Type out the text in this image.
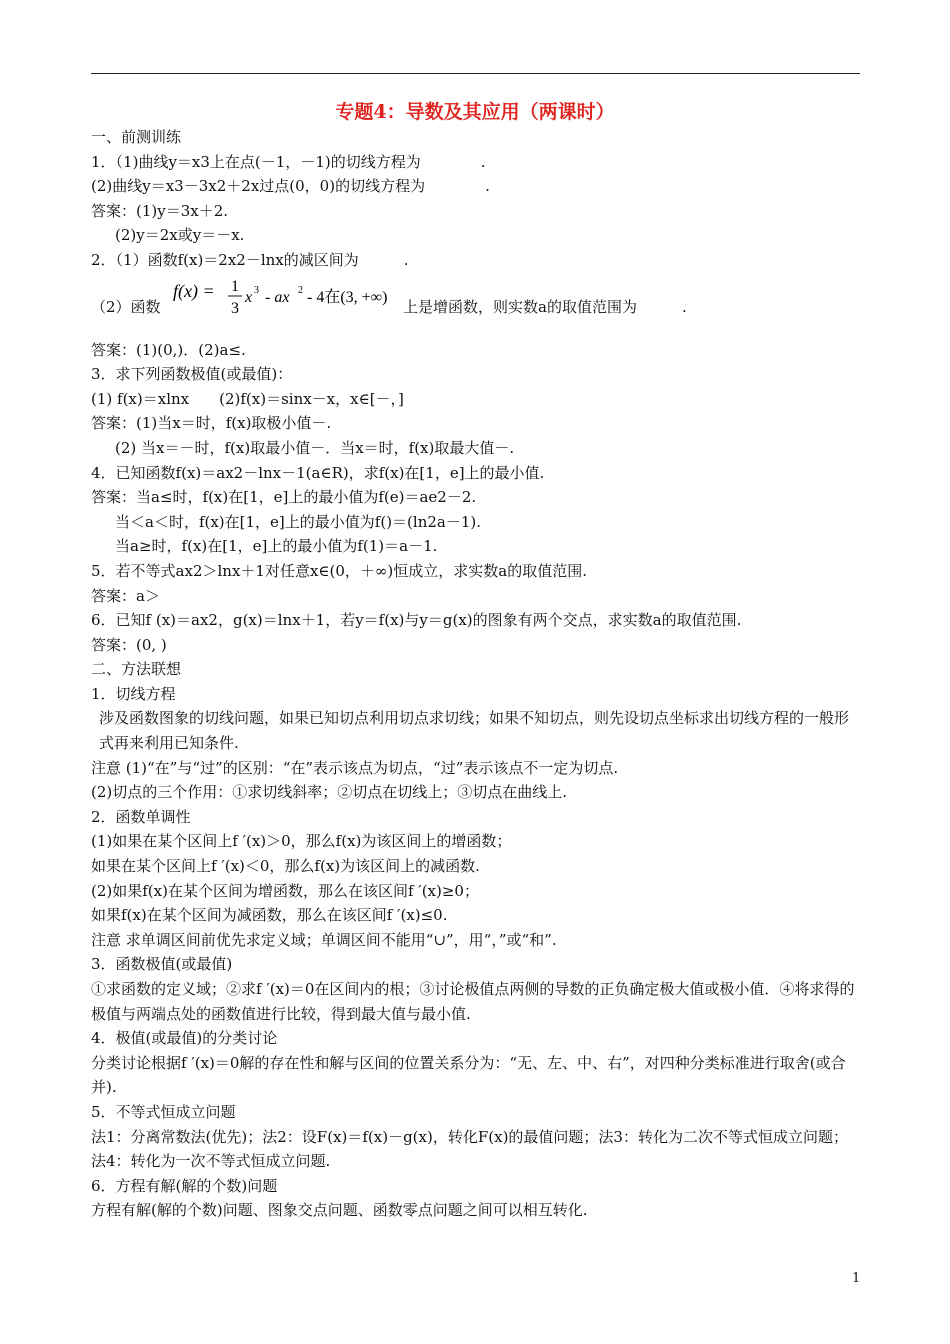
专题4：导数及其应用（两课时）
一、前测训练
1．（1)曲线y＝x3上在点(－1，－1)的切线方程为　　　　.
(2)曲线y＝x3－3x2＋2x过点(0，0)的切线方程为　　　　.
答案：(1)y＝3x＋2.
(2)y＝2x或y＝－x.
2．（1）函数f(x)＝2x2－lnx的减区间为　　　.
（2）函数
f(x) = 1
3
x 3 - ax 2 - 4在(3, +∞)
上是增函数，则实数a的取值范围为　　　.
答案：(1)(0,)．(2)a≤.
3．求下列函数极值(或最值)：
(1) f(x)＝xlnx　　(2)f(x)＝sinx－x，x∈[－，]
答案：(1)当x＝时，f(x)取极小值－.
(2) 当x＝－时，f(x)取最小值－．当x＝时，f(x)取最大值－.
4．已知函数f(x)＝ax2－lnx－1(a∈R)，求f(x)在[1，e]上的最小值.
答案：当a≤时，f(x)在[1，e]上的最小值为f(e)＝ae2－2.
当＜a＜时，f(x)在[1，e]上的最小值为f()＝(ln2a－1).
当a≥时，f(x)在[1，e]上的最小值为f(1)＝a－1.
5．若不等式ax2＞lnx＋1对任意x∈(0，＋∞)恒成立，求实数a的取值范围.
答案：a＞
6．已知f (x)＝ax2，g(x)＝lnx＋1，若y＝f(x)与y＝g(x)的图象有两个交点，求实数a的取值范围.
答案：(0, )
二、方法联想
1．切线方程
涉及函数图象的切线问题，如果已知切点利用切点求切线；如果不知切点，则先设切点坐标求出切线方程的一般形式再来利用已知条件.
注意 (1)“在”与“过”的区别：“在”表示该点为切点，“过”表示该点不一定为切点.
(2)切点的三个作用：①求切线斜率；②切点在切线上；③切点在曲线上.
2．函数单调性
(1)如果在某个区间上f ′(x)＞0，那么f(x)为该区间上的增函数；
如果在某个区间上f ′(x)＜0，那么f(x)为该区间上的减函数.
(2)如果f(x)在某个区间为增函数，那么在该区间f ′(x)≥0；
如果f(x)在某个区间为减函数，那么在该区间f ′(x)≤0.
注意 求单调区间前优先求定义域；单调区间不能用“∪”，用“，”或“和”.
3．函数极值(或最值)
①求函数的定义域；②求f ′(x)＝0在区间内的根；③讨论极值点两侧的导数的正负确定极大值或极小值．④将求得的极值与两端点处的函数值进行比较，得到最大值与最小值.
4．极值(或最值)的分类讨论
分类讨论根据f ′(x)＝0解的存在性和解与区间的位置关系分为：“无、左、中、右”，对四种分类标准进行取舍(或合并).
5．不等式恒成立问题
法1：分离常数法(优先)；法2：设F(x)＝f(x)－g(x)，转化F(x)的最值问题；法3：转化为二次不等式恒成立问题；法4：转化为一次不等式恒成立问题.
6．方程有解(解的个数)问题
方程有解(解的个数)问题、图象交点问题、函数零点问题之间可以相互转化.
1
